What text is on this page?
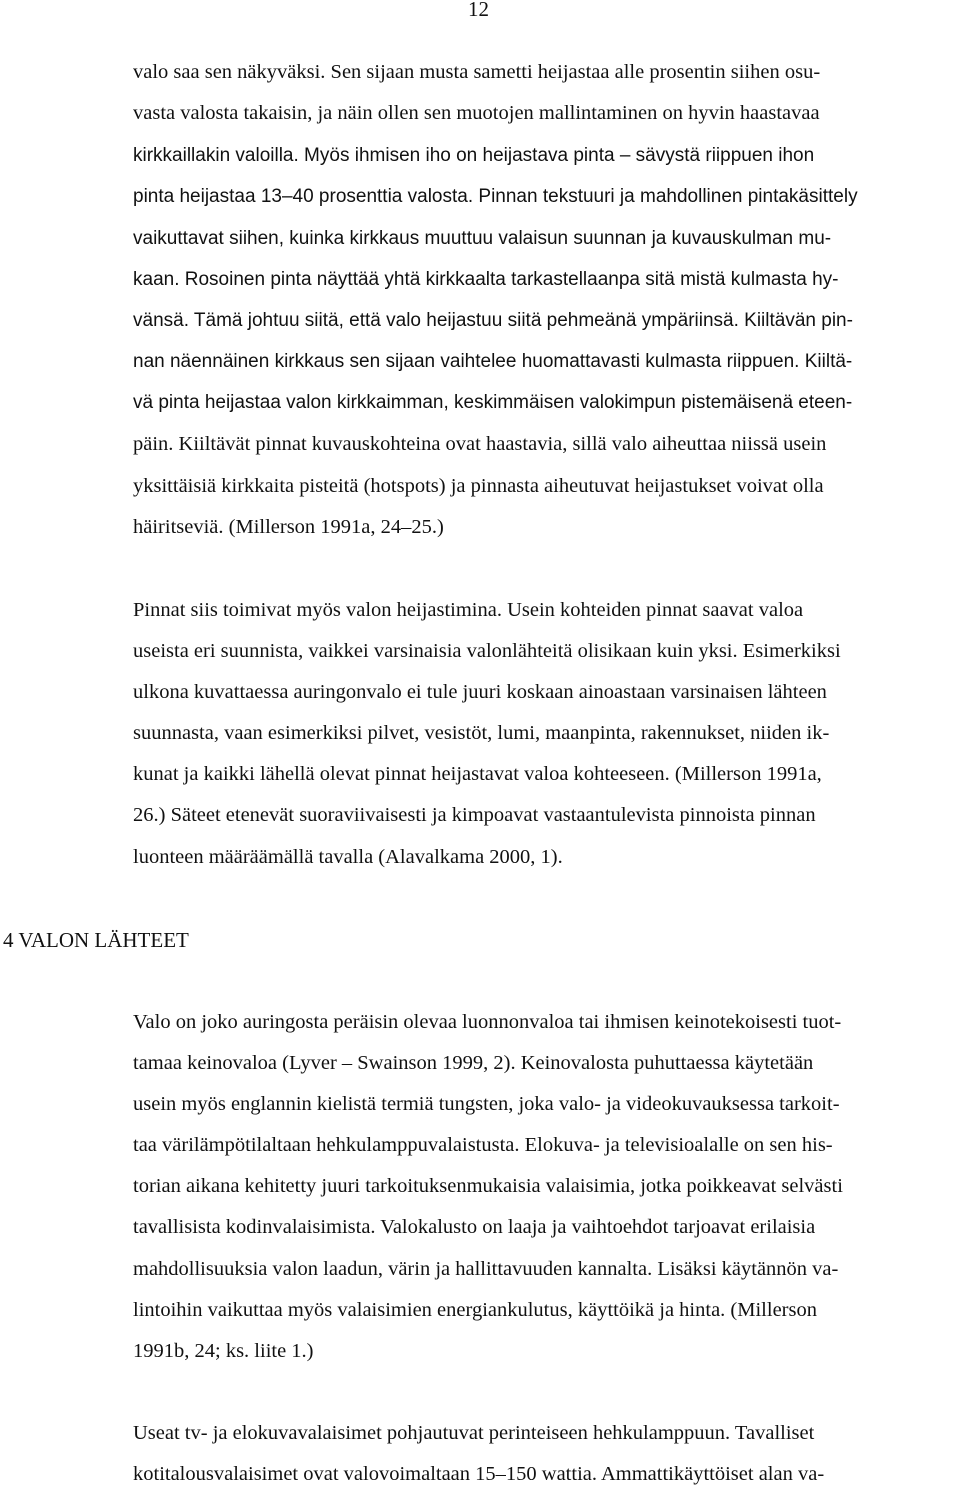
12
valo saa sen näkyväksi. Sen sijaan musta sametti heijastaa alle prosentin siihen osu-
vasta valosta takaisin, ja näin ollen sen muotojen mallintaminen on hyvin haastavaa
kirkkaillakin valoilla. Myös ihmisen iho on heijastava pinta – sävystä riippuen ihon
pinta heijastaa 13–40 prosenttia valosta. Pinnan tekstuuri ja mahdollinen pintakäsittely
vaikuttavat siihen, kuinka kirkkaus muuttuu valaisun suunnan ja kuvauskulman mu-
kaan. Rosoinen pinta näyttää yhtä kirkkaalta tarkastellaanpa sitä mistä kulmasta hy-
vänsä. Tämä johtuu siitä, että valo heijastuu siitä pehmeänä ympäriinsä. Kiiltävän pin-
nan näennäinen kirkkaus sen sijaan vaihtelee huomattavasti kulmasta riippuen. Kiiltä-
vä pinta heijastaa valon kirkkaimman, keskimmäisen valokimpun pistemäisenä eteen-
päin. Kiiltävät pinnat kuvauskohteina ovat haastavia, sillä valo aiheuttaa niissä usein
yksittäisiä kirkkaita pisteitä (hotspots) ja pinnasta aiheutuvat heijastukset voivat olla
häiritseviä. (Millerson 1991a, 24–25.)
Pinnat siis toimivat myös valon heijastimina. Usein kohteiden pinnat saavat valoa
useista eri suunnista, vaikkei varsinaisia valonlähteitä olisikaan kuin yksi. Esimerkiksi
ulkona kuvattaessa auringonvalo ei tule juuri koskaan ainoastaan varsinaisen lähteen
suunnasta, vaan esimerkiksi pilvet, vesistöt, lumi, maanpinta, rakennukset, niiden ik-
kunat ja kaikki lähellä olevat pinnat heijastavat valoa kohteeseen. (Millerson 1991a,
26.) Säteet etenevät suoraviivaisesti ja kimpoavat vastaantulevista pinnoista pinnan
luonteen määräämällä tavalla (Alavalkama 2000, 1).
4 VALON LÄHTEET
Valo on joko auringosta peräisin olevaa luonnonvaloa tai ihmisen keinotekoisesti tuot-
tamaa keinovaloa (Lyver – Swainson 1999, 2). Keinovalosta puhuttaessa käytetään
usein myös englannin kielistä termiä tungsten, joka valo- ja videokuvauksessa tarkoit-
taa värilämpötilaltaan hehkulamppuvalaistusta. Elokuva- ja televisioalalle on sen his-
torian aikana kehitetty juuri tarkoituksenmukaisia valaisimia, jotka poikkeavat selvästi
tavallisista kodinvalaisimista. Valokalusto on laaja ja vaihtoehdot tarjoavat erilaisia
mahdollisuuksia valon laadun, värin ja hallittavuuden kannalta. Lisäksi käytännön va-
lintoihin vaikuttaa myös valaisimien energiankulutus, käyttöikä ja hinta. (Millerson
1991b, 24; ks. liite 1.)
Useat tv- ja elokuvavalaisimet pohjautuvat perinteiseen hehkulamppuun. Tavalliset
kotitalousvalaisimet ovat valovoimaltaan 15–150 wattia. Ammattikäyttöiset alan va-
